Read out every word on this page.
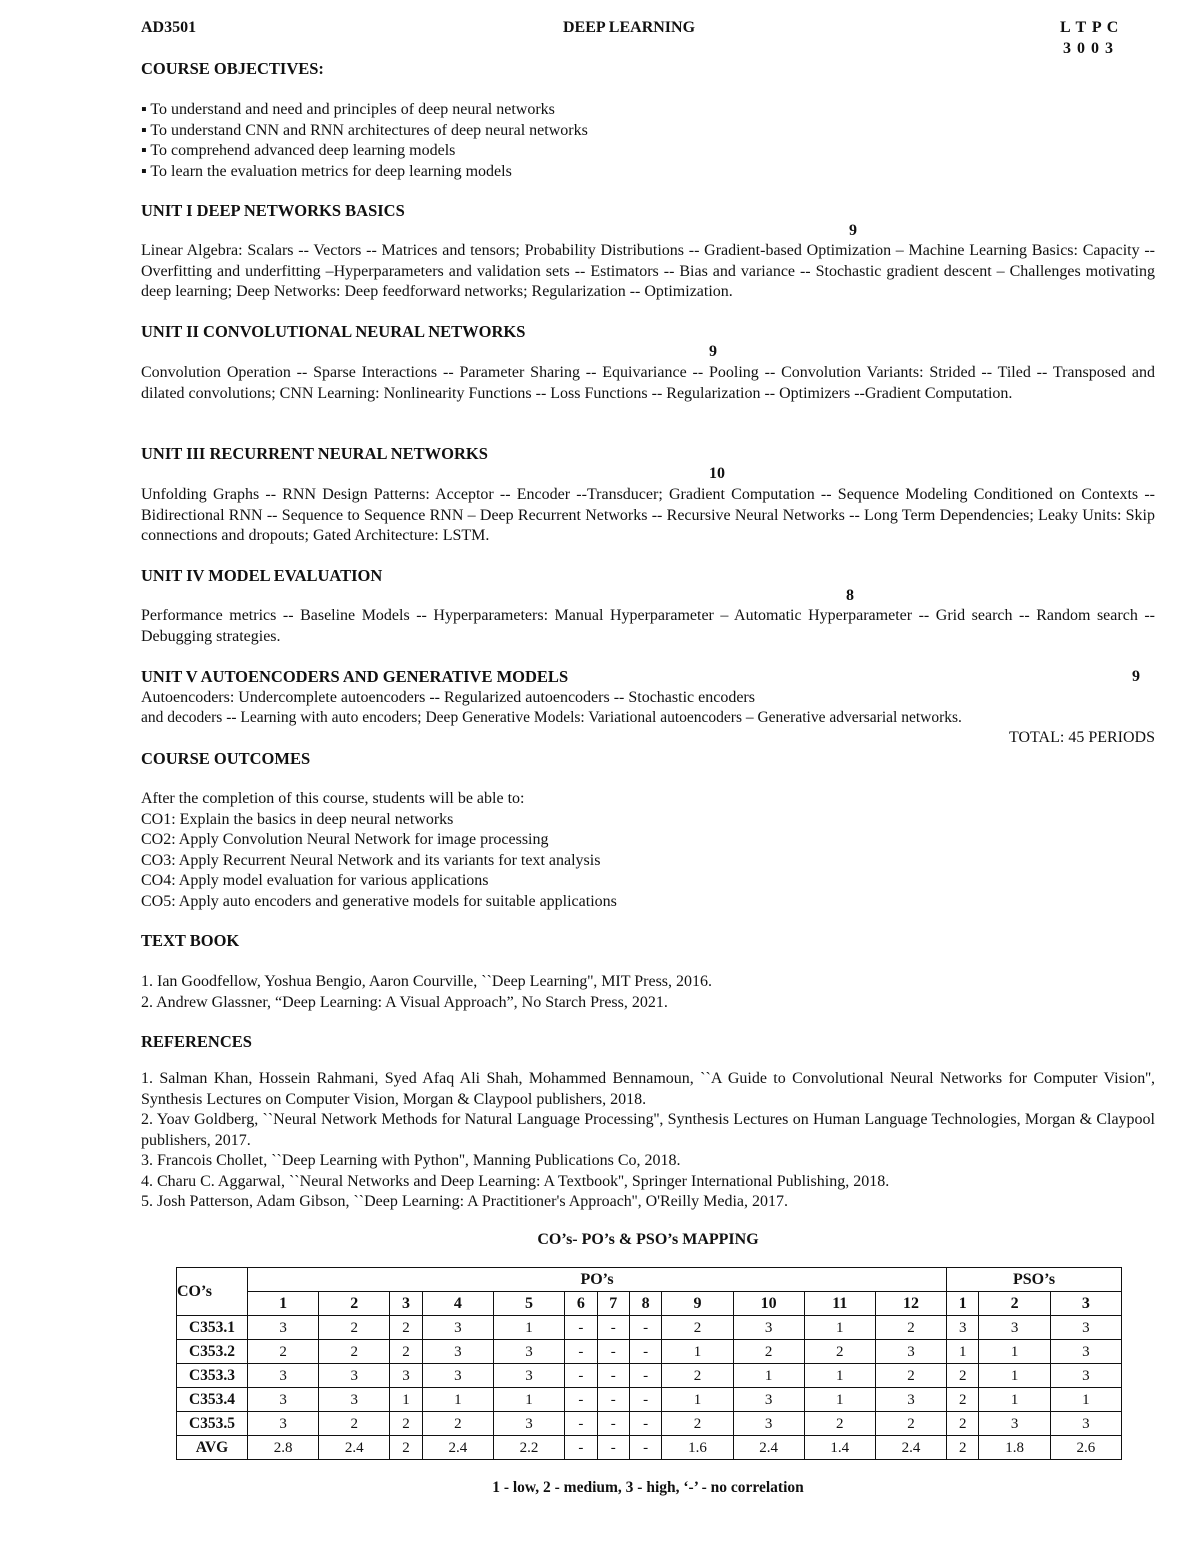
AD3501	DEEP LEARNING	L T P C
3 0 0 3
COURSE OBJECTIVES:
▪ To understand and need and principles of deep neural networks
▪ To understand CNN and RNN architectures of deep neural networks
▪ To comprehend advanced deep learning models
▪ To learn the evaluation metrics for deep learning models
UNIT I DEEP NETWORKS BASICS
9
Linear Algebra: Scalars -- Vectors -- Matrices and tensors; Probability Distributions -- Gradient-based Optimization – Machine Learning Basics: Capacity -- Overfitting and underfitting –Hyperparameters and validation sets -- Estimators -- Bias and variance -- Stochastic gradient descent – Challenges motivating deep learning; Deep Networks: Deep feedforward networks; Regularization -- Optimization.
UNIT II CONVOLUTIONAL NEURAL NETWORKS
9
Convolution Operation -- Sparse Interactions -- Parameter Sharing -- Equivariance -- Pooling -- Convolution Variants: Strided -- Tiled -- Transposed and dilated convolutions; CNN Learning: Nonlinearity Functions -- Loss Functions -- Regularization -- Optimizers --Gradient Computation.
UNIT III RECURRENT NEURAL NETWORKS
10
Unfolding Graphs -- RNN Design Patterns: Acceptor -- Encoder --Transducer; Gradient Computation -- Sequence Modeling Conditioned on Contexts -- Bidirectional RNN -- Sequence to Sequence RNN – Deep Recurrent Networks -- Recursive Neural Networks -- Long Term Dependencies; Leaky Units: Skip connections and dropouts; Gated Architecture: LSTM.
UNIT IV MODEL EVALUATION
8
Performance metrics -- Baseline Models -- Hyperparameters: Manual Hyperparameter – Automatic Hyperparameter -- Grid search -- Random search -- Debugging strategies.
UNIT V AUTOENCODERS AND GENERATIVE MODELS	9
Autoencoders: Undercomplete autoencoders -- Regularized autoencoders -- Stochastic encoders
and decoders -- Learning with auto encoders; Deep Generative Models: Variational autoencoders – Generative adversarial networks.
TOTAL: 45 PERIODS
COURSE OUTCOMES
After the completion of this course, students will be able to:
CO1: Explain the basics in deep neural networks
CO2: Apply Convolution Neural Network for image processing
CO3: Apply Recurrent Neural Network and its variants for text analysis
CO4: Apply model evaluation for various applications
CO5: Apply auto encoders and generative models for suitable applications
TEXT BOOK
1. Ian Goodfellow, Yoshua Bengio, Aaron Courville, ``Deep Learning'', MIT Press, 2016.
2. Andrew Glassner, “Deep Learning: A Visual Approach”, No Starch Press, 2021.
REFERENCES
1. Salman Khan, Hossein Rahmani, Syed Afaq Ali Shah, Mohammed Bennamoun, ``A Guide to Convolutional Neural Networks for Computer Vision'', Synthesis Lectures on Computer Vision, Morgan & Claypool publishers, 2018.
2. Yoav Goldberg, ``Neural Network Methods for Natural Language Processing'', Synthesis Lectures on Human Language Technologies, Morgan & Claypool publishers, 2017.
3. Francois Chollet, ``Deep Learning with Python'', Manning Publications Co, 2018.
4. Charu C. Aggarwal, ``Neural Networks and Deep Learning: A Textbook'', Springer International Publishing, 2018.
5. Josh Patterson, Adam Gibson, ``Deep Learning: A Practitioner's Approach'', O'Reilly Media, 2017.
CO’s- PO’s & PSO’s MAPPING
CO’s	PO’s												PSO’s		
	1	2	3	4	5	6	7	8	9	10	11	12	1	2	3
C353.1	3	2	2	3	1	-	-	-	2	3	1	2	3	3	3
C353.2	2	2	2	3	3	-	-	-	1	2	2	3	1	1	3
C353.3	3	3	3	3	3	-	-	-	2	1	1	2	2	1	3
C353.4	3	3	1	1	1	-	-	-	1	3	1	3	2	1	1
C353.5	3	2	2	2	3	-	-	-	2	3	2	2	2	3	3
AVG	2.8	2.4	2	2.4	2.2	-	-	-	1.6	2.4	1.4	2.4	2	1.8	2.6
1 - low, 2 - medium, 3 - high, ‘-’ - no correlation
